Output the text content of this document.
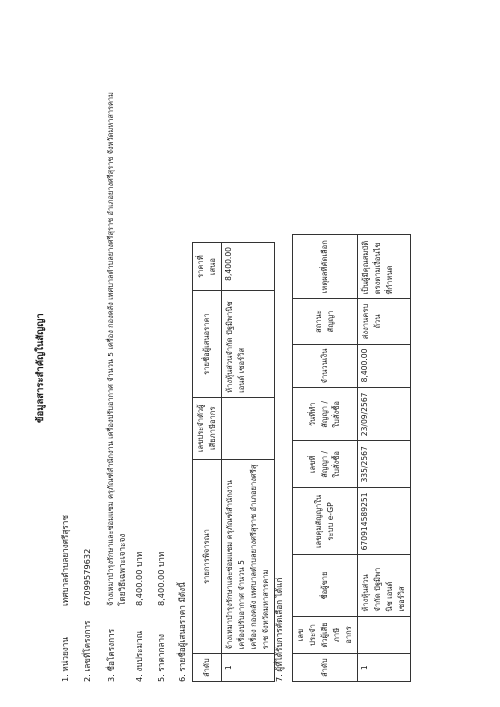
ข้อมูลสาระสำคัญในสัญญา
1. หน่วยงาน
เทศบาลตำบลยางศรีสุราช
2. เลขที่โครงการ
67099579632
3. ชื่อโครงการ
จ้างเหมาบำรุงรักษาและซ่อมแซม ครุภัณฑ์สำนักงาน เครื่องปรับอากาศ จำนวน 5 เครื่อง กองคลัง เทศบาลตำบลยางศรีสุราช อำเภอยางศรีสุราช จังหวัดมหาสารคาม โดยวิธีเฉพาะเจาะจง
4. งบประมาณ
8,400.00 บาท
5. ราคากลาง
8,400.00 บาท
6. รายชื่อผู้เสนอราคา มีดังนี้ ลำดับ	รายการพิจารณา	เลขประจำตัวผู้เสียภาษีอากร	รายชื่อผู้เสนอราคา	ราคาที่เสนอ
1	จ้างเหมาบำรุงรักษาและซ่อมแซม ครุภัณฑ์สำนักงาน เครื่องปรับอากาศ จำนวน 5 เครื่อง กองคลัง เทศบาลตำบลยางศรีสุราช อำเภอยางศรีสุราช จังหวัดมหาสารคาม		ห้างหุ้นส่วนจำกัด ปัฐมิพานิช เอนด์ เซอร์วิส	8,400.00
7. ผู้ที่ได้รับการคัดเลือก ได้แก่	ลำดับ	เลขประจำตัวผู้เสียภาษีอากร	ชื่อผู้ขาย	เลขคุมสัญญาในระบบ e-GP	เลขที่สัญญา / ใบสั่งซื้อ	วันที่ทำสัญญา / ใบสั่งซื้อ	จำนวนเงิน	สถานะสัญญา	เหตุผลที่คัดเลือก
1		ห้างหุ้นส่วนจำกัด ปัฐมิพานิช เอนด์ เซอร์วิส	670914589251	335/2567	23/09/2567	8,400.00	ส่งงานครบถ้วน	เป็นผู้มีคุณสมบัติตรงตามเงื่อนไขที่กำหนด
